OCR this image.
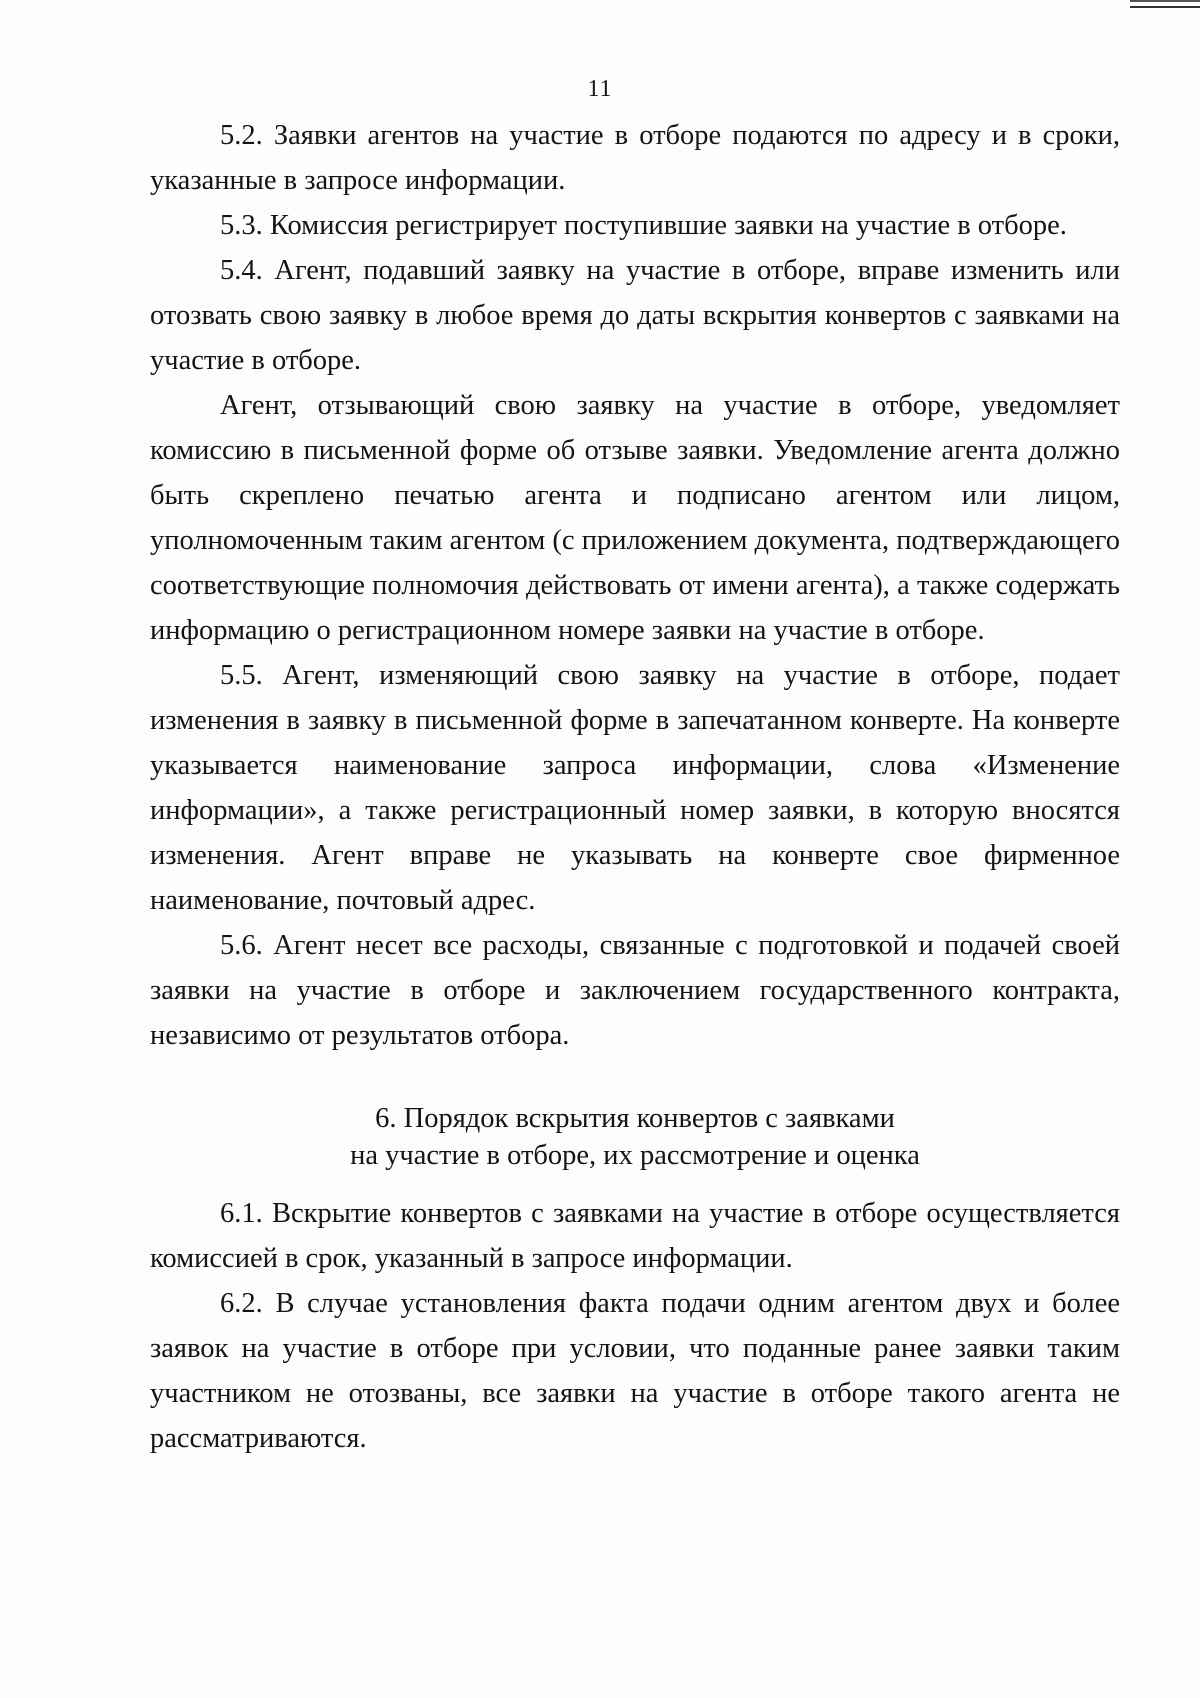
11

5.2. Заявки агентов на участие в отборе подаются по адресу и в сроки, указанные в запросе информации.

5.3. Комиссия регистрирует поступившие заявки на участие в отборе.

5.4. Агент, подавший заявку на участие в отборе, вправе изменить или отозвать свою заявку в любое время до даты вскрытия конвертов с заявками на участие в отборе.

Агент, отзывающий свою заявку на участие в отборе, уведомляет комиссию в письменной форме об отзыве заявки. Уведомление агента должно быть скреплено печатью агента и подписано агентом или лицом, уполномоченным таким агентом (с приложением документа, подтверждающего соответствующие полномочия действовать от имени агента), а также содержать информацию о регистрационном номере заявки на участие в отборе.

5.5. Агент, изменяющий свою заявку на участие в отборе, подает изменения в заявку в письменной форме в запечатанном конверте. На конверте указывается наименование запроса информации, слова «Изменение информации», а также регистрационный номер заявки, в которую вносятся изменения. Агент вправе не указывать на конверте свое фирменное наименование, почтовый адрес.

5.6. Агент несет все расходы, связанные с подготовкой и подачей своей заявки на участие в отборе и заключением государственного контракта, независимо от результатов отбора.

6. Порядок вскрытия конвертов с заявками
на участие в отборе, их рассмотрение и оценка

6.1. Вскрытие конвертов с заявками на участие в отборе осуществляется комиссией в срок, указанный в запросе информации.

6.2. В случае установления факта подачи одним агентом двух и более заявок на участие в отборе при условии, что поданные ранее заявки таким участником не отозваны, все заявки на участие в отборе такого агента не рассматриваются.
